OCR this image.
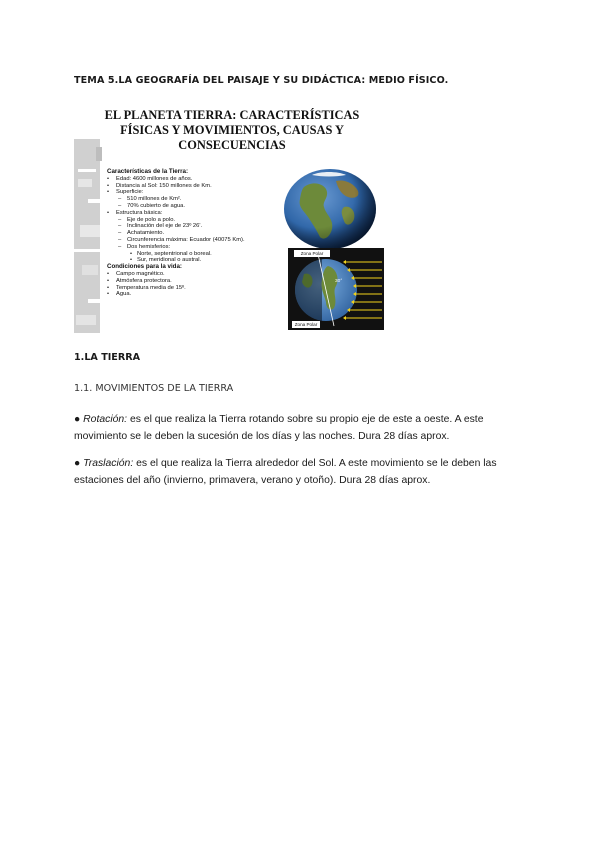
TEMA 5.LA GEOGRAFÍA DEL PAISAJE Y SU DIDÁCTICA: MEDIO FÍSICO.
EL PLANETA TIERRA: CARACTERÍSTICAS FÍSICAS Y MOVIMIENTOS, CAUSAS Y CONSECUENCIAS
Características de la Tierra:
• Edad: 4600 millones de años.
• Distancia al Sol: 150 millones de Km.
• Superficie:
– 510 millones de Km².
– 70% cubierto de agua.
• Estructura básica:
– Eje de polo a polo.
– Inclinación del eje de 23º 26'.
– Achatamiento.
– Circunferencia máxima: Ecuador (40075 Km).
– Dos hemisferios:
• Norte, septentrional o boreal.
• Sur, meridional o austral.
Condiciones para la vida:
• Campo magnético.
• Atmósfera protectora.
• Temperatura media de 15º.
• Agua.
Zona Polar
Zona Polar
30°
1.LA TIERRA
1.1. MOVIMIENTOS DE LA TIERRA
● Rotación: es el que realiza la Tierra rotando sobre su propio eje de este a oeste. A este movimiento se le deben la sucesión de los días y las noches. Dura 28 días aprox.
● Traslación: es el que realiza la Tierra alrededor del Sol. A este movimiento se le deben las estaciones del año (invierno, primavera, verano y otoño). Dura 28 días aprox.
